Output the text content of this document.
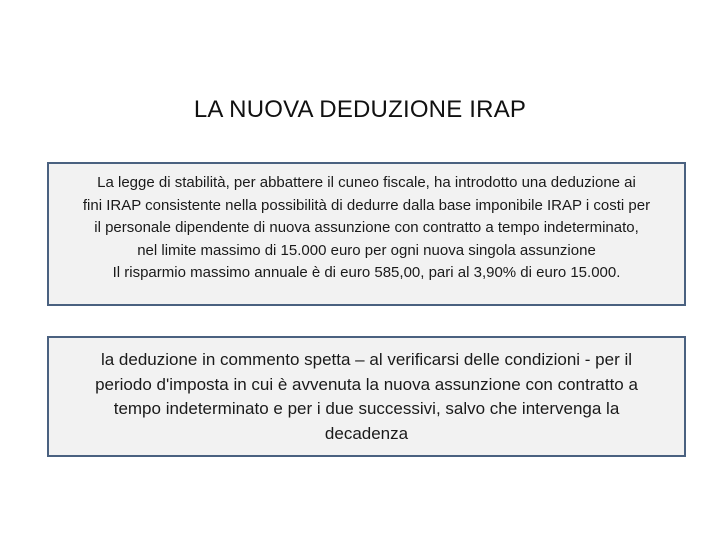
LA NUOVA DEDUZIONE IRAP
La legge di stabilità, per abbattere il cuneo fiscale, ha introdotto una deduzione ai
fini IRAP consistente nella possibilità di dedurre dalla base imponibile IRAP i costi per
il personale dipendente di nuova assunzione con contratto a tempo indeterminato,
nel limite massimo di 15.000 euro per ogni nuova singola assunzione
Il risparmio massimo annuale è di euro 585,00, pari al 3,90% di euro 15.000.
la deduzione in commento spetta – al verificarsi delle condizioni - per il
periodo d'imposta in cui è avvenuta la nuova assunzione con contratto a
tempo indeterminato e per i due successivi, salvo che intervenga la
decadenza
